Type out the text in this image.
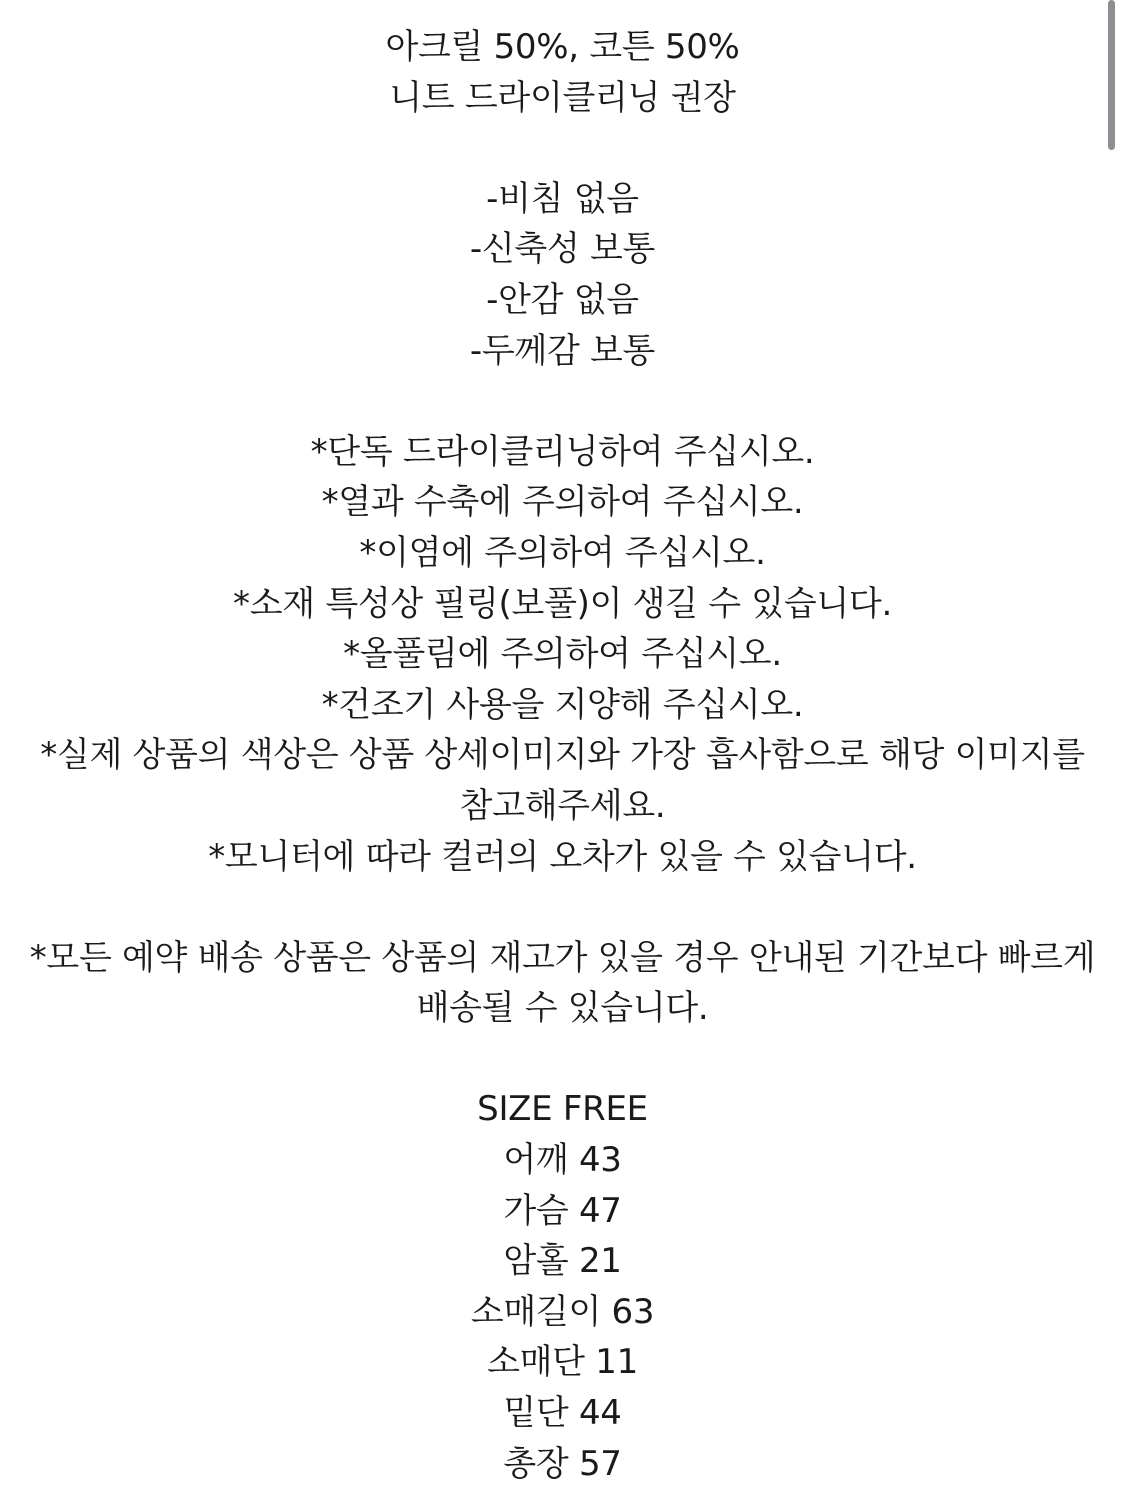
아크릴 50%, 코튼 50%
니트 드라이클리닝 권장
-비침 없음
-신축성 보통
-안감 없음
-두께감 보통
*단독 드라이클리닝하여 주십시오.
*열과 수축에 주의하여 주십시오.
*이염에 주의하여 주십시오.
*소재 특성상 필링(보풀)이 생길 수 있습니다.
*올풀림에 주의하여 주십시오.
*건조기 사용을 지양해 주십시오.
*실제 상품의 색상은 상품 상세이미지와 가장 흡사함으로 해당 이미지를
참고해주세요.
*모니터에 따라 컬러의 오차가 있을 수 있습니다.
*모든 예약 배송 상품은 상품의 재고가 있을 경우 안내된 기간보다 빠르게
배송될 수 있습니다.
SIZE FREE
어깨 43
가슴 47
암홀 21
소매길이 63
소매단 11
밑단 44
총장 57
